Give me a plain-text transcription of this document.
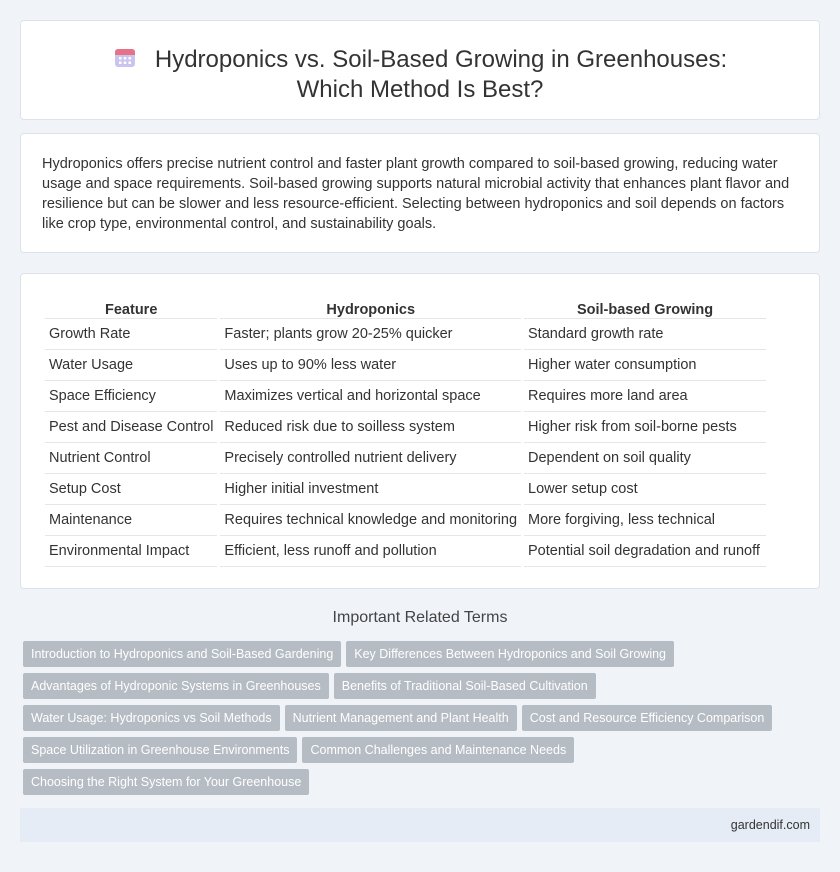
Hydroponics vs. Soil-Based Growing in Greenhouses: Which Method Is Best?

Hydroponics offers precise nutrient control and faster plant growth compared to soil-based growing, reducing water usage and space requirements. Soil-based growing supports natural microbial activity that enhances plant flavor and resilience but can be slower and less resource-efficient. Selecting between hydroponics and soil depends on factors like crop type, environmental control, and sustainability goals.

Feature	Hydroponics	Soil-based Growing
Growth Rate	Faster; plants grow 20-25% quicker	Standard growth rate
Water Usage	Uses up to 90% less water	Higher water consumption
Space Efficiency	Maximizes vertical and horizontal space	Requires more land area
Pest and Disease Control	Reduced risk due to soilless system	Higher risk from soil-borne pests
Nutrient Control	Precisely controlled nutrient delivery	Dependent on soil quality
Setup Cost	Higher initial investment	Lower setup cost
Maintenance	Requires technical knowledge and monitoring	More forgiving, less technical
Environmental Impact	Efficient, less runoff and pollution	Potential soil degradation and runoff
Important Related Terms
Introduction to Hydroponics and Soil-Based Gardening Key Differences Between Hydroponics and Soil Growing
Advantages of Hydroponic Systems in Greenhouses Benefits of Traditional Soil-Based Cultivation
Water Usage: Hydroponics vs Soil Methods Nutrient Management and Plant Health Cost and Resource Efficiency Comparison
Space Utilization in Greenhouse Environments Common Challenges and Maintenance Needs
Choosing the Right System for Your Greenhouse
gardendif.com
